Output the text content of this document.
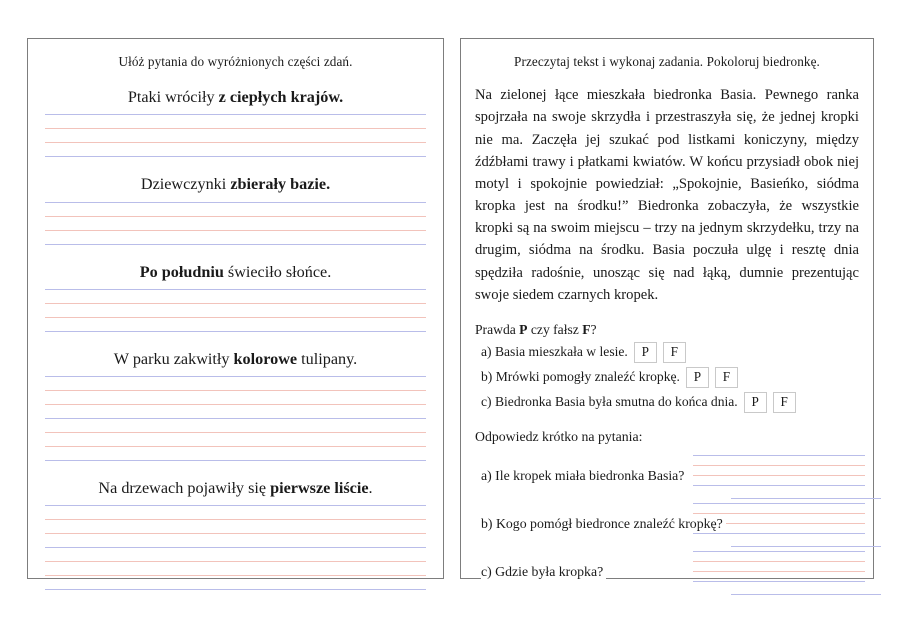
Ułóż pytania do wyróżnionych części zdań.
Ptaki wróciły z ciepłych krajów.
Dziewczynki zbierały bazie.
Po południu świeciło słońce.
W parku zakwitły kolorowe tulipany.
Na drzewach pojawiły się pierwsze liście.
Przeczytaj tekst i wykonaj zadania. Pokoloruj biedronkę.
Na zielonej łące mieszkała biedronka Basia. Pewnego ranka spojrzała na swoje skrzydła i przestraszyła się, że jednej kropki nie ma. Zaczęła jej szukać pod listkami koniczyny, między źdźbłami trawy i płatkami kwiatów. W końcu przysiadł obok niej motyl i spokojnie powiedział: „Spokojnie, Basieńko, siódma kropka jest na środku!” Biedronka zobaczyła, że wszystkie kropki są na swoim miejscu – trzy na jednym skrzydełku, trzy na drugim, siódma na środku. Basia poczuła ulgę i resztę dnia spędziła radośnie, unosząc się nad łąką, dumnie prezentując swoje siedem czarnych kropek.
Prawda P czy fałsz F?
a) Basia mieszkała w lesie.	P	F
b) Mrówki pomogły znaleźć kropkę.	P	F
c) Biedronka Basia była smutna do końca dnia.	P	F
Odpowiedz krótko na pytania:
a) Ile kropek miała biedronka Basia?
b) Kogo pomógł biedronce znaleźć kropkę?
c) Gdzie była kropka?
